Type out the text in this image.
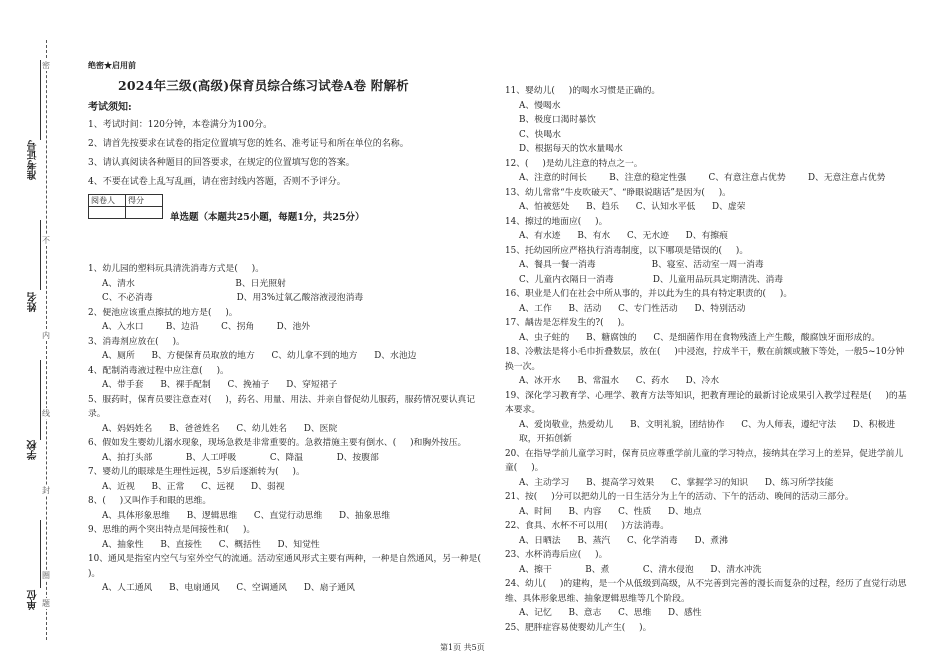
准考证号
姓名
学校
单位
密
不
内
线
封
题
圈
绝密★启用前
2024年三级(高级)保育员综合练习试卷A卷 附解析
考试须知:
1、考试时间：120分钟，本卷满分为100分。
2、请首先按要求在试卷的指定位置填写您的姓名、准考证号和所在单位的名称。
3、请认真阅读各种题目的回答要求，在规定的位置填写您的答案。
4、不要在试卷上乱写乱画，请在密封线内答题，否则不予评分。
阅卷人	得分

单选题（本题共25小题，每题1分，共25分）
1、幼儿园的塑料玩具清洗消毒方式是(     )。
A、清水                                    B、日光照射
C、不必消毒                              D、用3%过氧乙酸溶液浸泡消毒
2、便池应该重点擦拭的地方是(     )。
A、入水口        B、边沿        C、拐角        D、池外
3、消毒剂应放在(     )。
A、厕所      B、方便保育员取放的地方      C、幼儿拿不到的地方      D、水池边
4、配制消毒液过程中应注意(     )。
A、带手套      B、裸手配制      C、挽袖子      D、穿短裙子
5、服药时，保育员要注意查对(     )，药名、用量、用法、并亲自督促幼儿服药，服药情况要认真记录。
A、妈妈姓名      B、爸爸姓名      C、幼儿姓名      D、医院
6、假如发生婴幼儿溺水现象，现场急救是非常重要的。急救措施主要有倒水、(     )和胸外按压。
A、拍打头部            B、人工呼吸            C、降温            D、按腹部
7、婴幼儿的眼球是生理性远视，5岁后逐渐转为(     )。
A、近视      B、正常      C、远视      D、弱视
8、(     )又叫作手和眼的思维。
A、具体形象思维      B、逻辑思维      C、直觉行动思维      D、抽象思维
9、思维的两个突出特点是间接性和(     )。
A、抽象性      B、直接性      C、概括性      D、知觉性
10、通风是指室内空气与室外空气的流通。活动室通风形式主要有两种，一种是自然通风，另一种是(     )。
A、人工通风      B、电扇通风      C、空调通风      D、扇子通风
11、婴幼儿(     )的喝水习惯是正确的。
A、慢喝水
B、极度口渴时暴饮
C、快喝水
D、根据每天的饮水量喝水
12、(     )是幼儿注意的特点之一。
A、注意的时间长        B、注意的稳定性强        C、有意注意占优势        D、无意注意占优势
13、幼儿常常“牛皮吹破天”、“睁眼说瞎话”是因为(     )。
A、怕被惩处      B、趋乐      C、认知水平低      D、虚荣
14、擦过的地面应(     )。
A、有水迹      B、有水      C、无水迹      D、有擦痕
15、托幼园所应严格执行消毒制度，以下哪项是错误的(     )。
A、餐具一餐一消毒                    B、寝室、活动室一周一消毒
C、儿童内衣隔日一消毒              D、儿童用品玩具定期清洗、消毒
16、职业是人们在社会中所从事的，并以此为生的具有特定职责的(     )。
A、工作      B、活动      C、专门性活动      D、特别活动
17、龋齿是怎样发生的?(     )。
A、虫子蛀的      B、糖腐蚀的      C、是细菌作用在食物残渣上产生酸，酸腐蚀牙面形成的。
18、冷敷法是将小毛巾折叠数层，放在(     )中浸泡，拧成半干，敷在前额或腋下等处，一般5~10分钟换一次。
A、冰开水      B、常温水      C、药水      D、冷水
19、深化学习教育学、心理学、教育方法等知识，把教育理论的最新讨论成果引入教学过程是(     )的基本要求。
A、爱岗敬业，热爱幼儿      B、文明礼貌，团结协作      C、为人师表，遵纪守法      D、积极进取，开拓创新
20、在指导学前儿童学习时，保育员应尊重学前儿童的学习特点，接纳其在学习上的差异，促进学前儿童(     )。
A、主动学习      B、提高学习效果      C、掌握学习的知识      D、练习所学技能
21、按(     )分可以把幼儿的一日生活分为上午的活动、下午的活动、晚间的活动三部分。
A、时间      B、内容      C、性质      D、地点
22、食具、水杯不可以用(     )方法消毒。
A、日晒法      B、蒸汽      C、化学消毒      D、煮沸
23、水杯消毒后应(     )。
A、擦干            B、煮            C、清水侵泡      D、清水冲洗
24、幼儿(     )的建构，是一个从低级到高级，从不完善到完善的漫长而复杂的过程，经历了直觉行动思维、具体形象思维、抽象逻辑思维等几个阶段。
A、记忆      B、意志      C、思维      D、感性
25、肥胖症容易使婴幼儿产生(     )。
第1页 共5页
